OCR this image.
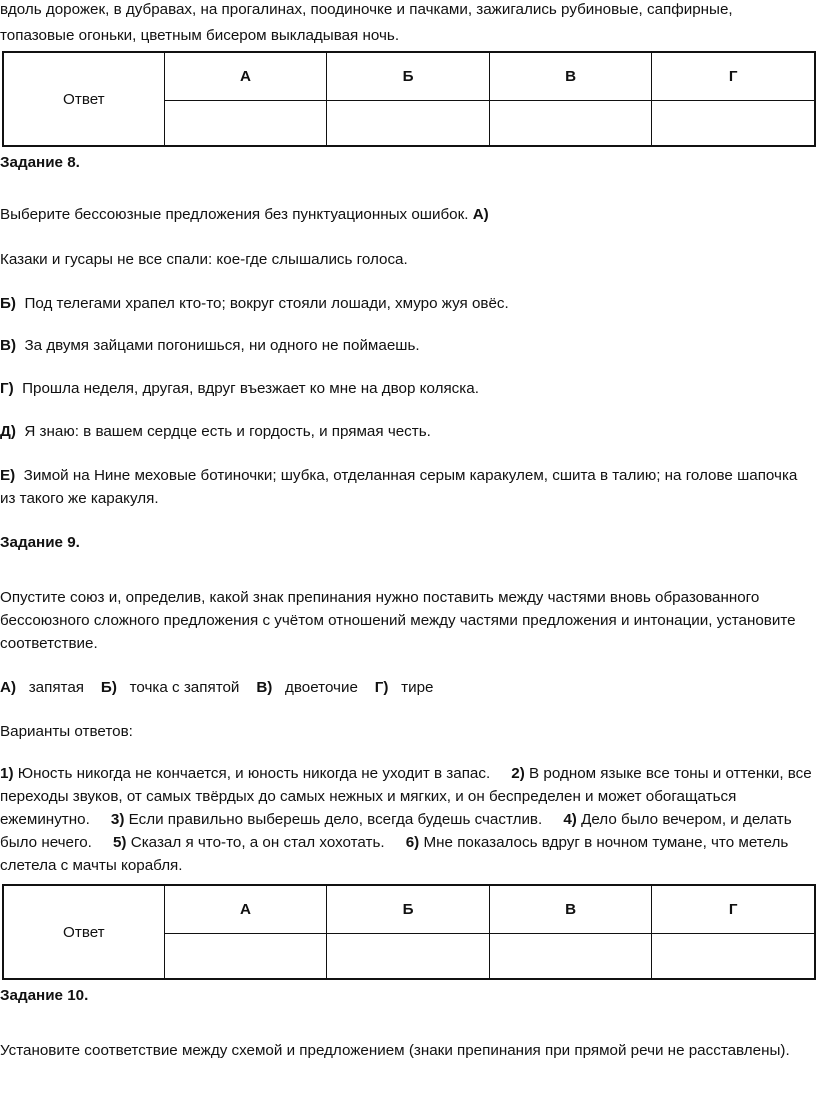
вдоль дорожек, в дубравах, на прогалинах, поодиночке и пачками, зажигались рубиновые, сапфирные,

топазовые огоньки, цветным бисером выкладывая ночь.

Ответ	А	Б	В	Г

Задание 8.

Выберите бессоюзные предложения без пунктуационных ошибок. А)

Казаки и гусары не все спали: кое-где слышались голоса.

Б) Под телегами храпел кто-то; вокруг стояли лошади, хмуро жуя овёс.

В) За двумя зайцами погонишься, ни одного не поймаешь.

Г) Прошла неделя, другая, вдруг въезжает ко мне на двор коляска.

Д) Я знаю: в вашем сердце есть и гордость, и прямая честь.

Е) Зимой на Нине меховые ботиночки; шубка, отделанная серым каракулем, сшита в талию; на голове шапочка из такого же каракуля.

Задание 9.

Опустите союз и, определив, какой знак препинания нужно поставить между частями вновь образованного бессоюзного сложного предложения с учётом отношений между частями предложения и интонации, установите соответствие.

А) запятая Б) точка с запятой В) двоеточие Г) тире

Варианты ответов:

1) Юность никогда не кончается, и юность никогда не уходит в запас. 2) В родном языке все тоны и оттенки, все переходы звуков, от самых твёрдых до самых нежных и мягких, и он беспределен и может обогащаться ежеминутно. 3) Если правильно выберешь дело, всегда будешь счастлив. 4) Дело было вечером, и делать было нечего. 5) Сказал я что-то, а он стал хохотать. 6) Мне показалось вдруг в ночном тумане, что метель слетела с мачты корабля.

Ответ	А	Б	В	Г

Задание 10.

Установите соответствие между схемой и предложением (знаки препинания при прямой речи не расставлены).
